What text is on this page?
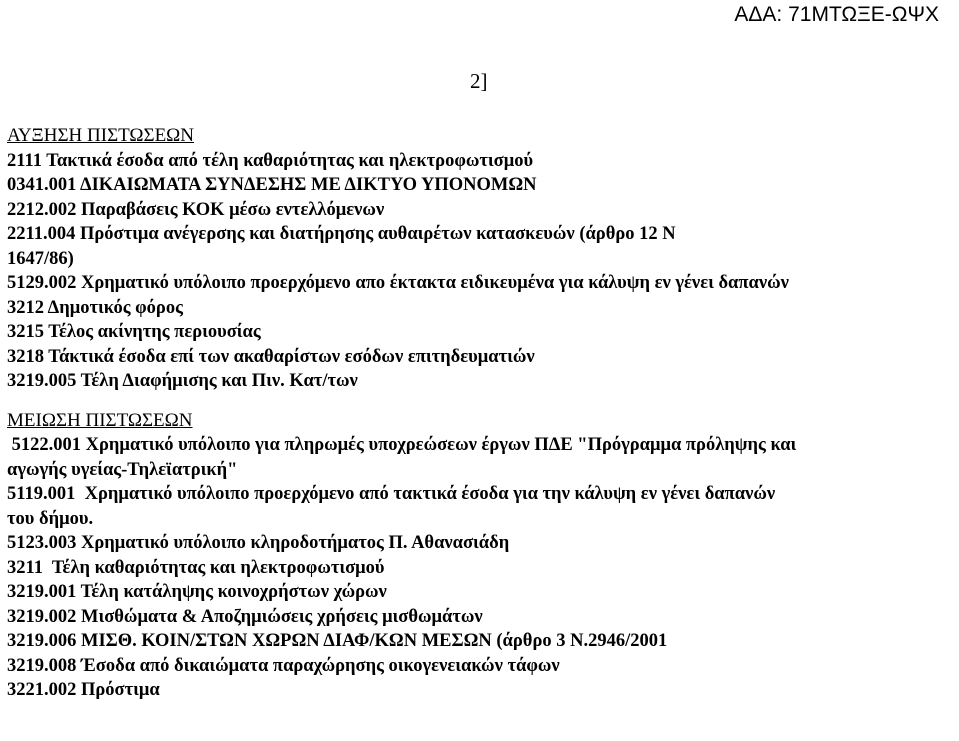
ΑΔΑ: 71ΜΤΩΞΕ-ΩΨΧ
2]
ΑΥΞΗΣΗ ΠΙΣΤΩΣΕΩΝ
2111 Τακτικά έσοδα από τέλη καθαριότητας και ηλεκτροφωτισμού
0341.001 ΔΙΚΑΙΩΜΑΤΑ ΣΥΝΔΕΣΗΣ ΜΕ ΔΙΚΤΥΟ ΥΠΟΝΟΜΩΝ
2212.002 Παραβάσεις ΚΟΚ μέσω εντελλόμενων
2211.004 Πρόστιμα ανέγερσης και διατήρησης αυθαιρέτων κατασκευών (άρθρο 12 Ν
1647/86)
5129.002 Χρηματικό υπόλοιπο προερχόμενο απο έκτακτα ειδικευμένα για κάλυψη εν γένει δαπανών
3212 Δημοτικός φόρος
3215 Τέλος ακίνητης περιουσίας
3218 Τάκτικά έσοδα επί των ακαθαρίστων εσόδων επιτηδευματιών
3219.005 Τέλη Διαφήμισης και Πιν. Κατ/των
ΜΕΙΩΣΗ ΠΙΣΤΩΣΕΩΝ
5122.001 Χρηματικό υπόλοιπο για πληρωμές υποχρεώσεων έργων ΠΔΕ "Πρόγραμμα πρόληψης και
αγωγής υγείας-Τηλεϊατρική"
5119.001  Χρηματικό υπόλοιπο προερχόμενο από τακτικά έσοδα για την κάλυψη εν γένει δαπανών
του δήμου.
5123.003 Χρηματικό υπόλοιπο κληροδοτήματος Π. Αθανασιάδη
3211  Τέλη καθαριότητας και ηλεκτροφωτισμού
3219.001 Τέλη κατάληψης κοινοχρήστων χώρων
3219.002 Μισθώματα & Αποζημιώσεις χρήσεις μισθωμάτων
3219.006 ΜΙΣΘ. ΚΟΙΝ/ΣΤΩΝ ΧΩΡΩΝ ΔΙΑΦ/ΚΩΝ ΜΕΣΩΝ (άρθρο 3 Ν.2946/2001
3219.008 Έσοδα από δικαιώματα παραχώρησης οικογενειακών τάφων
3221.002 Πρόστιμα
